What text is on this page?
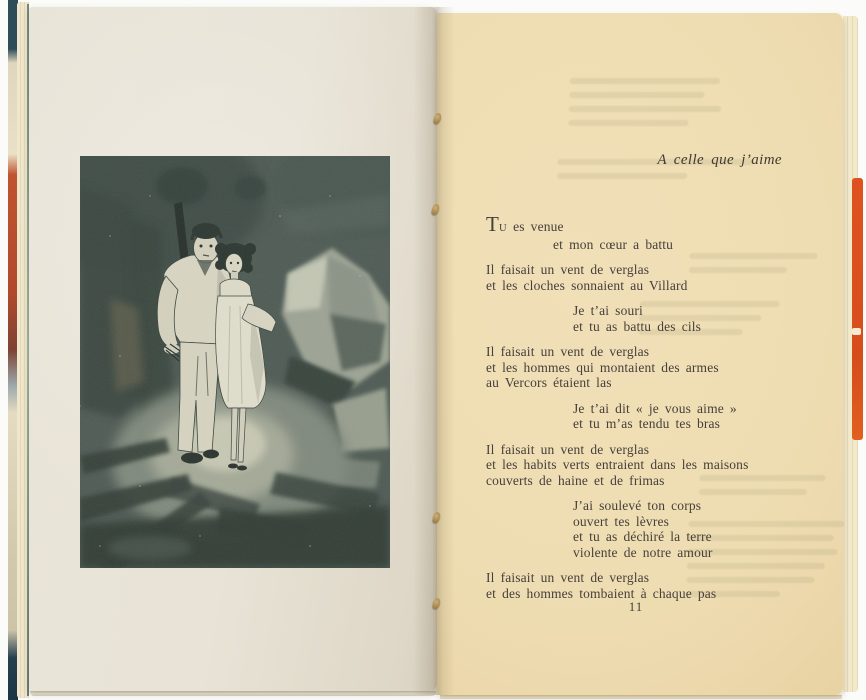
A celle que j’aime
TU es venue
et mon cœur a battu
Il faisait un vent de verglas
et les cloches sonnaient au Villard
Je t’ai souri
et tu as battu des cils
Il faisait un vent de verglas
et les hommes qui montaient des armes
au Vercors étaient las
Je t’ai dit « je vous aime »
et tu m’as tendu tes bras
Il faisait un vent de verglas
et les habits verts entraient dans les maisons
couverts de haine et de frimas
J’ai soulevé ton corps
ouvert tes lèvres
et tu as déchiré la terre
violente de notre amour
Il faisait un vent de verglas
et des hommes tombaient à chaque pas
11
